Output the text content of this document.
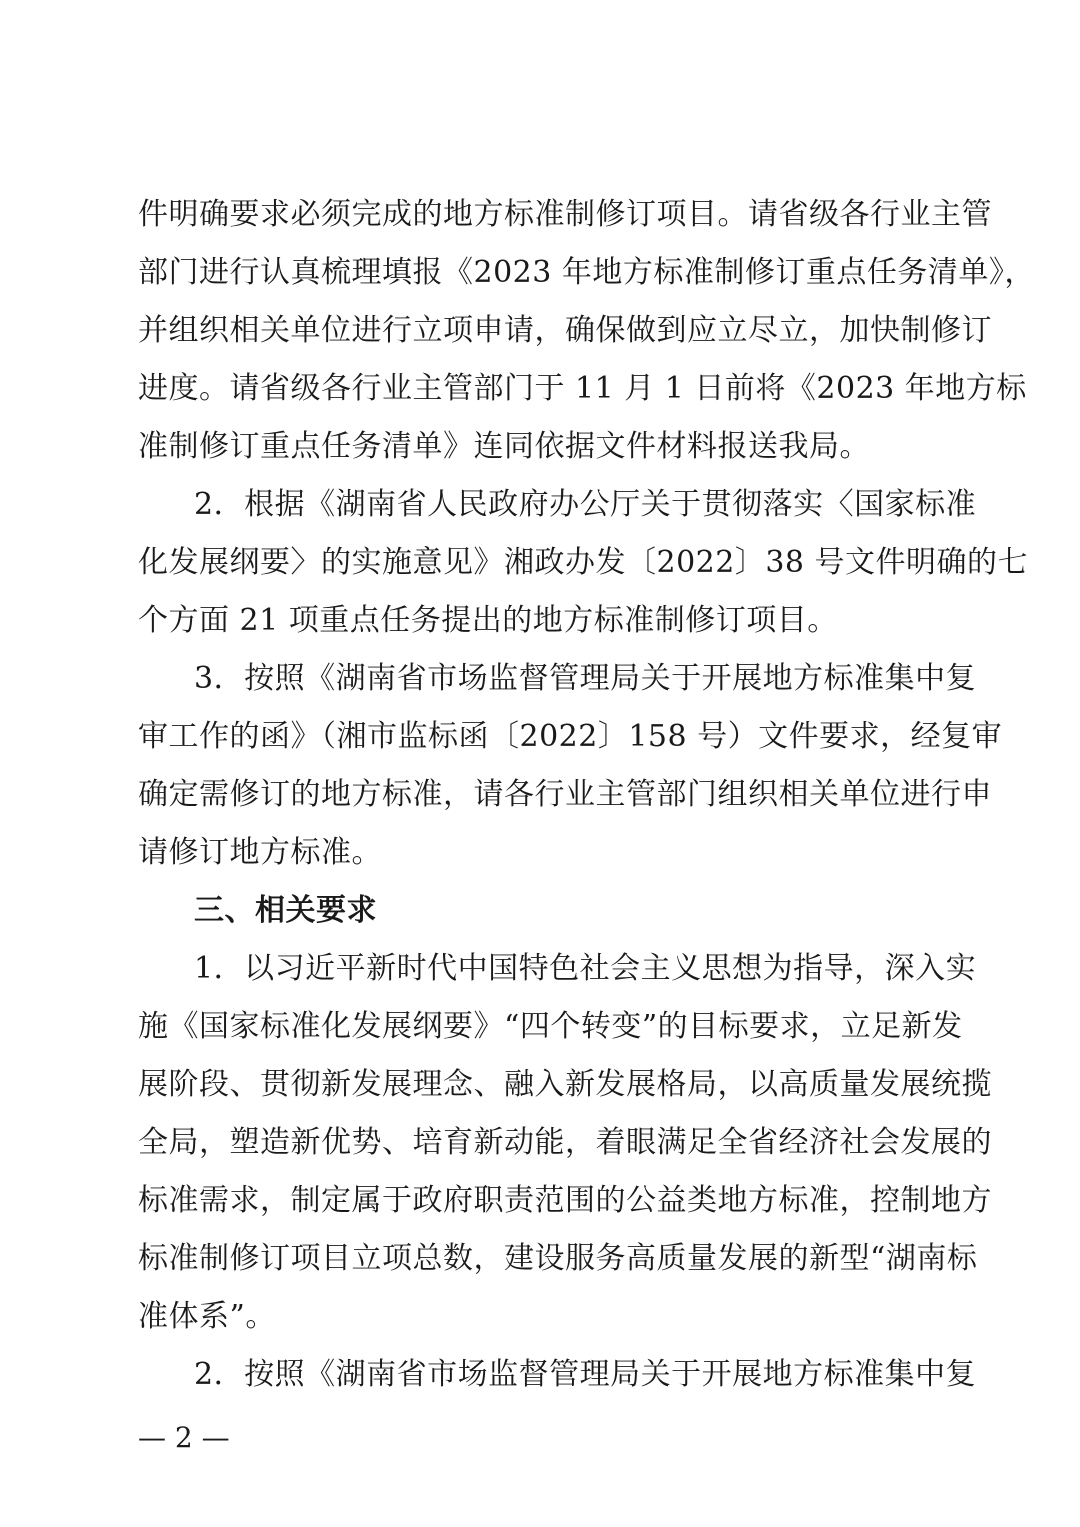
件明确要求必须完成的地方标准制修订项目。请省级各行业主管
部门进行认真梳理填报《2023 年地方标准制修订重点任务清单》，
并组织相关单位进行立项申请，确保做到应立尽立，加快制修订
进度。请省级各行业主管部门于 11 月 1 日前将《2023 年地方标
准制修订重点任务清单》连同依据文件材料报送我局。
2．根据《湖南省人民政府办公厅关于贯彻落实〈国家标准
化发展纲要〉的实施意见》湘政办发〔2022〕38 号文件明确的七
个方面 21 项重点任务提出的地方标准制修订项目。
3．按照《湖南省市场监督管理局关于开展地方标准集中复
审工作的函》（湘市监标函〔2022〕158 号）文件要求，经复审
确定需修订的地方标准，请各行业主管部门组织相关单位进行申
请修订地方标准。
三、相关要求
1．以习近平新时代中国特色社会主义思想为指导，深入实
施《国家标准化发展纲要》“四个转变”的目标要求，立足新发
展阶段、贯彻新发展理念、融入新发展格局，以高质量发展统揽
全局，塑造新优势、培育新动能，着眼满足全省经济社会发展的
标准需求，制定属于政府职责范围的公益类地方标准，控制地方
标准制修订项目立项总数，建设服务高质量发展的新型“湖南标
准体系”。
2．按照《湖南省市场监督管理局关于开展地方标准集中复
— 2 —
